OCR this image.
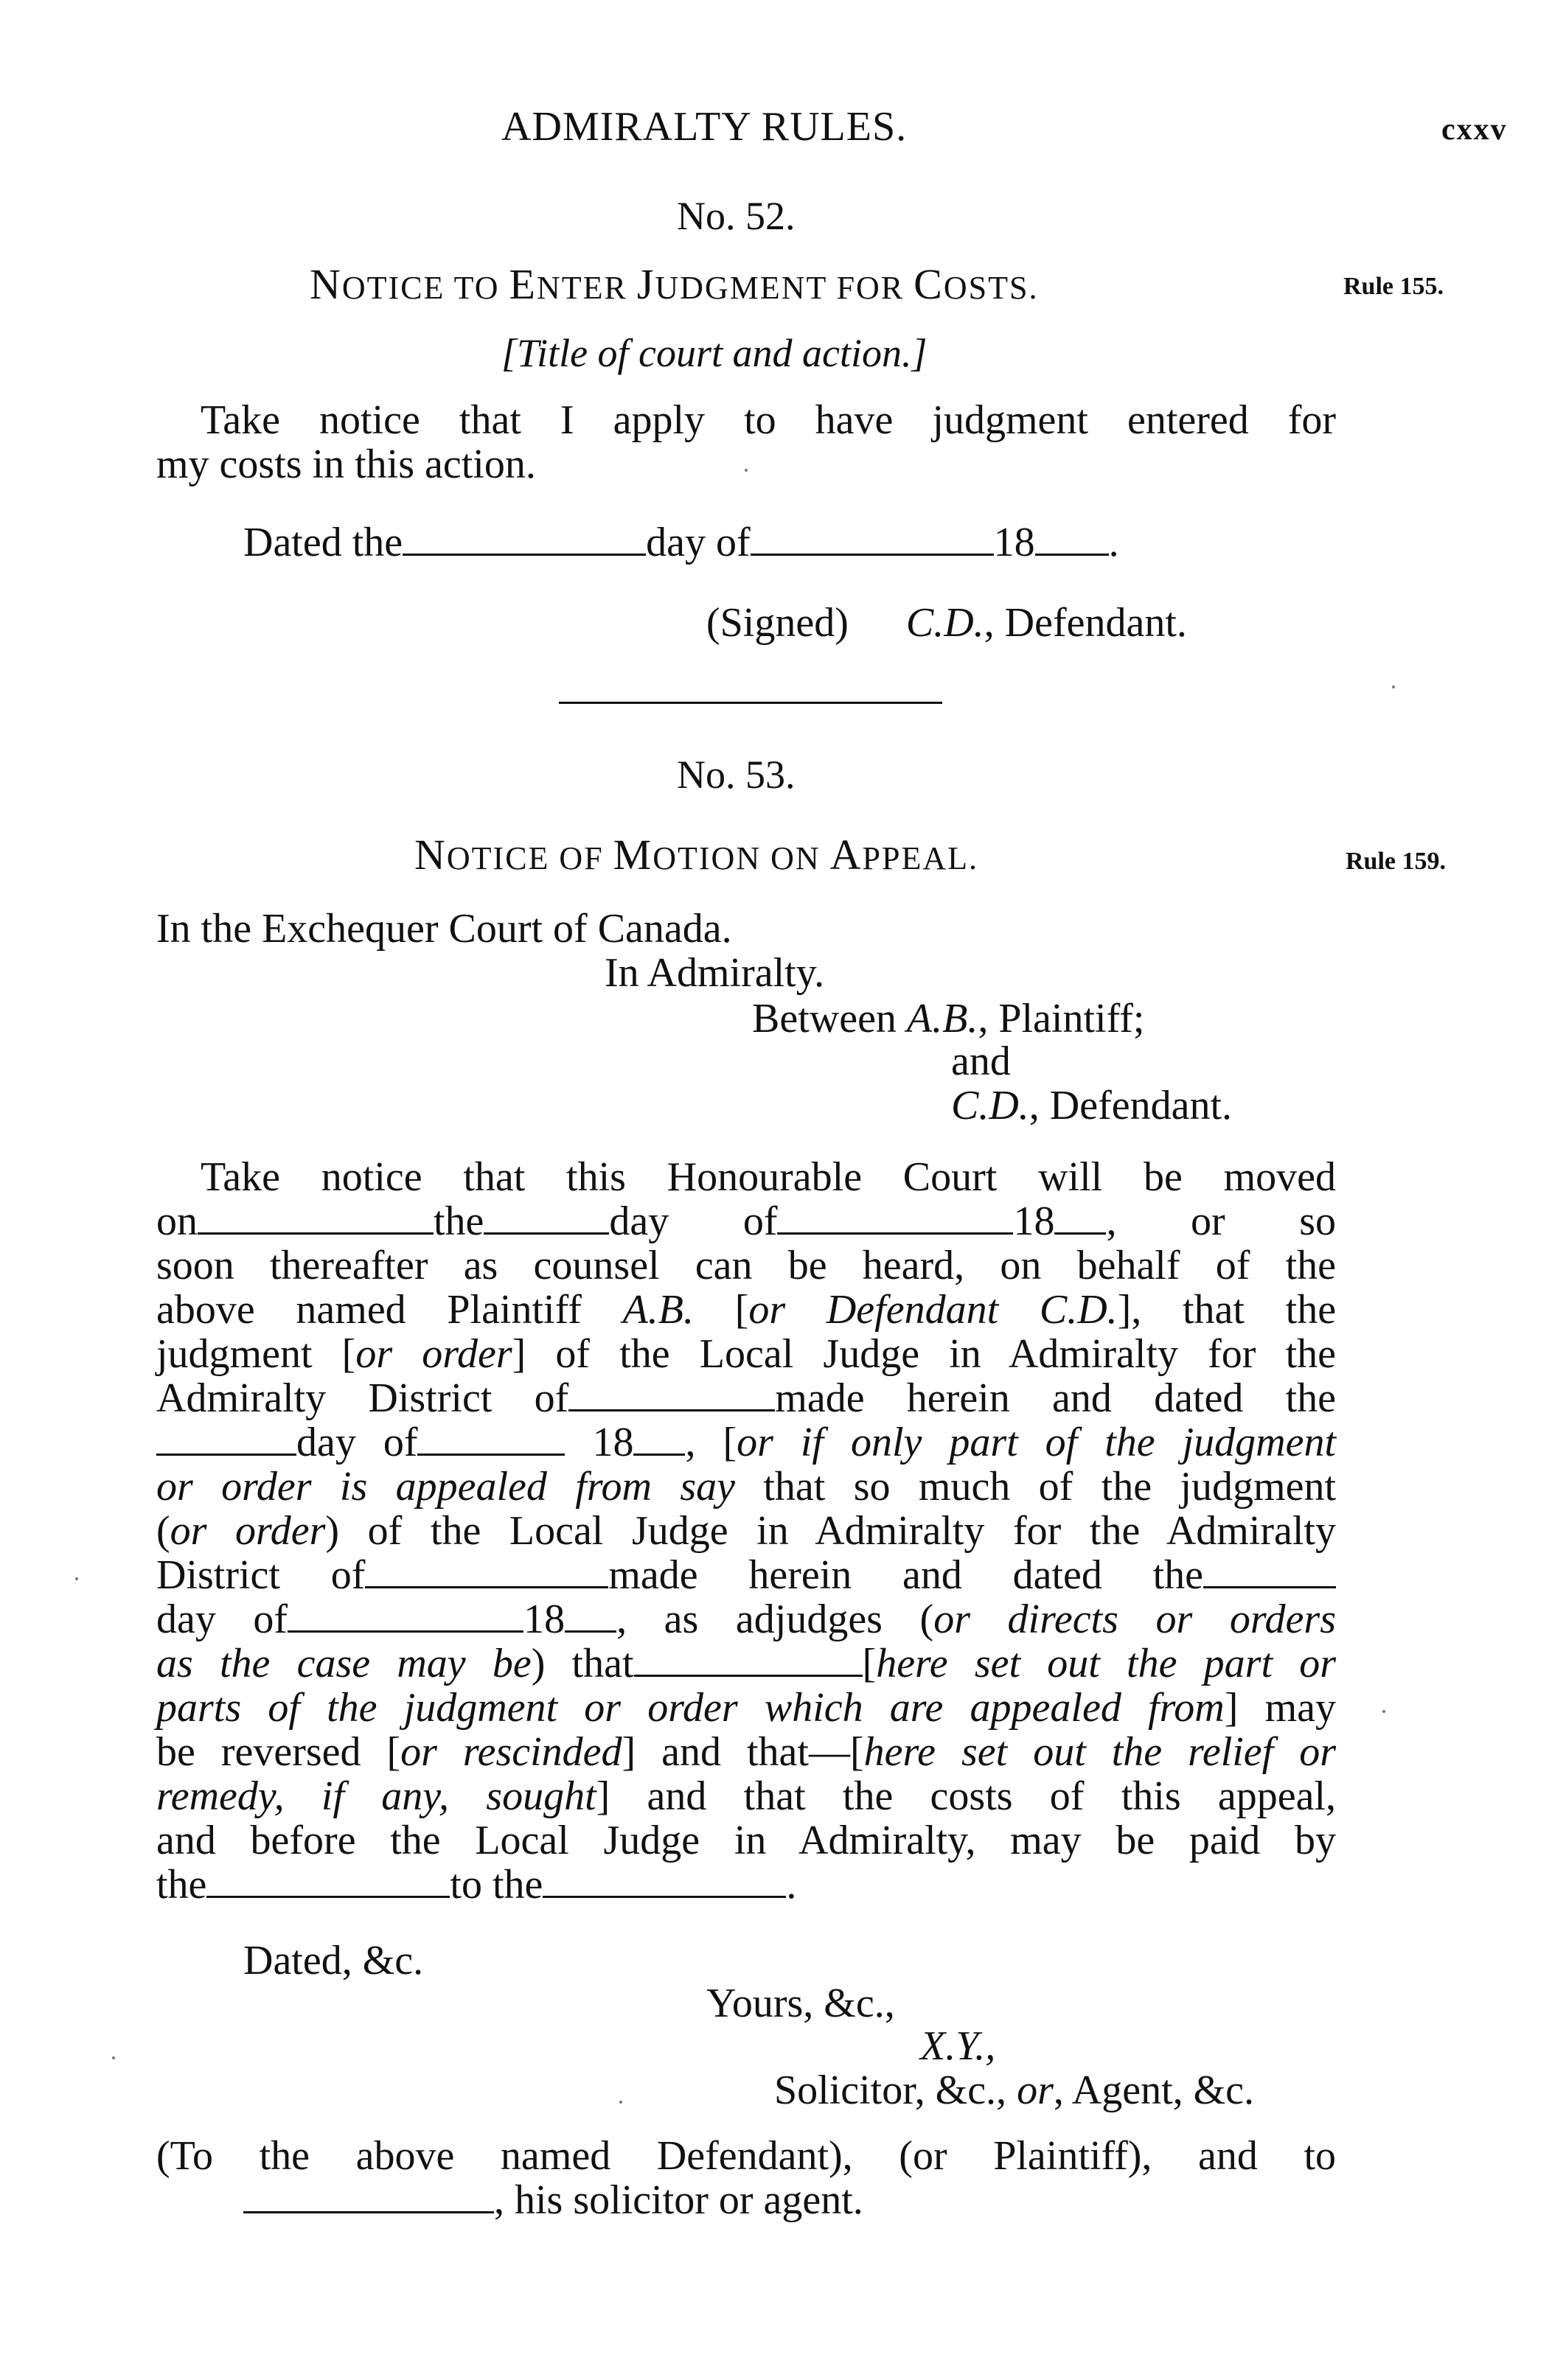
ADMIRALTY RULES.	cxxv
No. 52.
NOTICE TO ENTER JUDGMENT FOR COSTS.	Rule 155.
[Title of court and action.]
Take notice that I apply to have judgment entered for
my costs in this action.
Dated the	day of	18 .
(Signed) C.D., Defendant.
No. 53.
NOTICE OF MOTION ON APPEAL.	Rule 159.
In the Exchequer Court of Canada.
In Admiralty.
Between A.B., Plaintiff;
and
C.D., Defendant.
Take notice that this Honourable Court will be moved
on	the	day of	18 , or so
soon thereafter as counsel can be heard, on behalf of the
above named Plaintiff A.B. [or Defendant C.D.], that the
judgment [or order] of the Local Judge in Admiralty for the
Admiralty District of	made herein and dated the
day of	18 , [or if only part of the judgment
or order is appealed from say that so much of the judgment
(or order) of the Local Judge in Admiralty for the Admiralty
District of	made herein and dated the
day of	18 , as adjudges (or directs or orders
as the case may be) that	[here set out the part or
parts of the judgment or order which are appealed from] may
be reversed [or rescinded] and that—[here set out the relief or
remedy, if any, sought] and that the costs of this appeal,
and before the Local Judge in Admiralty, may be paid by
the	to the	.
Dated, &c.
Yours, &c.,
X.Y.,
Solicitor, &c., or, Agent, &c.
(To the above named Defendant), (or Plaintiff), and to
, his solicitor or agent.
